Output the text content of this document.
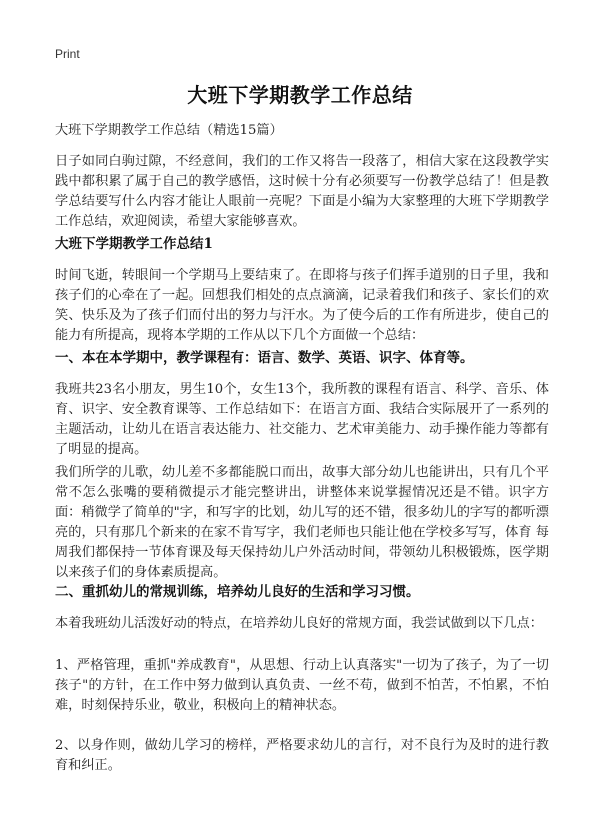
Print
大班下学期教学工作总结

大班下学期教学工作总结（精选15篇）

日子如同白驹过隙，不经意间，我们的工作又将告一段落了，相信大家在这段教学实践中都积累了属于自己的教学感悟，这时候十分有必须要写一份教学总结了！但是教学总结要写什么内容才能让人眼前一亮呢？下面是小编为大家整理的大班下学期教学工作总结，欢迎阅读，希望大家能够喜欢。

大班下学期教学工作总结1

时间飞逝，转眼间一个学期马上要结束了。在即将与孩子们挥手道别的日子里，我和孩子们的心牵在了一起。回想我们相处的点点滴滴，记录着我们和孩子、家长们的欢笑、快乐及为了孩子们而付出的努力与汗水。为了使今后的工作有所进步，使自己的能力有所提高，现将本学期的工作从以下几个方面做一个总结：

一、本在本学期中，教学课程有：语言、数学、英语、识字、体育等。

我班共23名小朋友，男生10个，女生13个，我所教的课程有语言、科学、音乐、体育、识字、安全教育课等、工作总结如下：在语言方面、我结合实际展开了一系列的主题活动，让幼儿在语言表达能力、社交能力、艺术审美能力、动手操作能力等都有了明显的提高。

我们所学的儿歌，幼儿差不多都能脱口而出，故事大部分幼儿也能讲出，只有几个平常不怎么张嘴的要稍微提示才能完整讲出，讲整体来说掌握情况还是不错。识字方面：稍微学了简单的"字，和写字的比划，幼儿写的还不错，很多幼儿的字写的都听漂亮的，只有那几个新来的在家不肯写字，我们老师也只能让他在学校多写写，体育 每周我们都保持一节体育课及每天保持幼儿户外活动时间，带领幼儿积极锻炼，医学期以来孩子们的身体素质提高。

二、重抓幼儿的常规训练，培养幼儿良好的生活和学习习惯。

本着我班幼儿活泼好动的特点，在培养幼儿良好的常规方面，我尝试做到以下几点：

1、严格管理，重抓"养成教育"，从思想、行动上认真落实"一切为了孩子，为了一切孩子"的方针，在工作中努力做到认真负责、一丝不苟，做到不怕苦，不怕累，不怕难，时刻保持乐业，敬业，积极向上的精神状态。

2、以身作则，做幼儿学习的榜样，严格要求幼儿的言行，对不良行为及时的进行教育和纠正。
